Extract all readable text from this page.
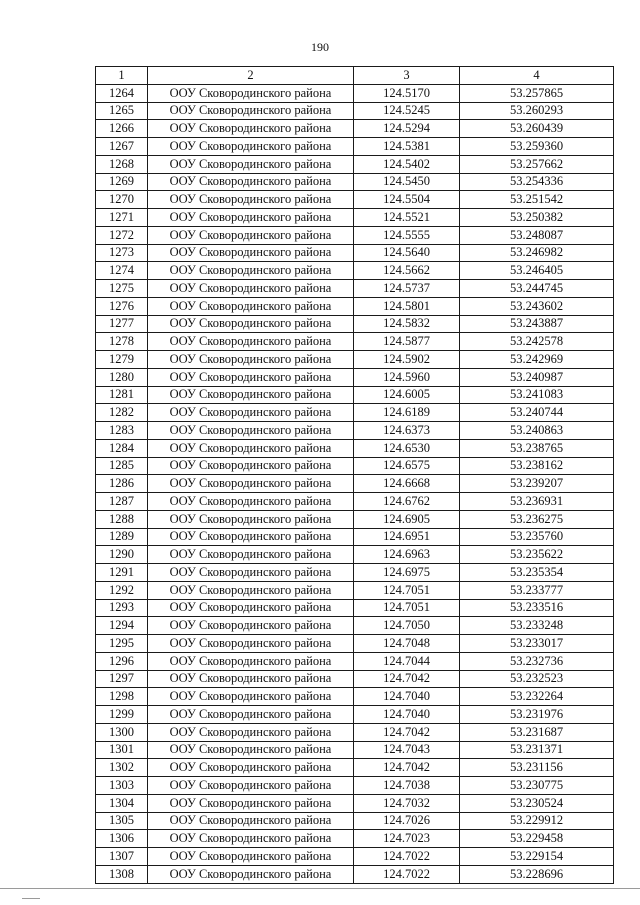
190
1	2	3	4
1264	ООУ Сковородинского района	124.5170	53.257865
1265	ООУ Сковородинского района	124.5245	53.260293
1266	ООУ Сковородинского района	124.5294	53.260439
1267	ООУ Сковородинского района	124.5381	53.259360
1268	ООУ Сковородинского района	124.5402	53.257662
1269	ООУ Сковородинского района	124.5450	53.254336
1270	ООУ Сковородинского района	124.5504	53.251542
1271	ООУ Сковородинского района	124.5521	53.250382
1272	ООУ Сковородинского района	124.5555	53.248087
1273	ООУ Сковородинского района	124.5640	53.246982
1274	ООУ Сковородинского района	124.5662	53.246405
1275	ООУ Сковородинского района	124.5737	53.244745
1276	ООУ Сковородинского района	124.5801	53.243602
1277	ООУ Сковородинского района	124.5832	53.243887
1278	ООУ Сковородинского района	124.5877	53.242578
1279	ООУ Сковородинского района	124.5902	53.242969
1280	ООУ Сковородинского района	124.5960	53.240987
1281	ООУ Сковородинского района	124.6005	53.241083
1282	ООУ Сковородинского района	124.6189	53.240744
1283	ООУ Сковородинского района	124.6373	53.240863
1284	ООУ Сковородинского района	124.6530	53.238765
1285	ООУ Сковородинского района	124.6575	53.238162
1286	ООУ Сковородинского района	124.6668	53.239207
1287	ООУ Сковородинского района	124.6762	53.236931
1288	ООУ Сковородинского района	124.6905	53.236275
1289	ООУ Сковородинского района	124.6951	53.235760
1290	ООУ Сковородинского района	124.6963	53.235622
1291	ООУ Сковородинского района	124.6975	53.235354
1292	ООУ Сковородинского района	124.7051	53.233777
1293	ООУ Сковородинского района	124.7051	53.233516
1294	ООУ Сковородинского района	124.7050	53.233248
1295	ООУ Сковородинского района	124.7048	53.233017
1296	ООУ Сковородинского района	124.7044	53.232736
1297	ООУ Сковородинского района	124.7042	53.232523
1298	ООУ Сковородинского района	124.7040	53.232264
1299	ООУ Сковородинского района	124.7040	53.231976
1300	ООУ Сковородинского района	124.7042	53.231687
1301	ООУ Сковородинского района	124.7043	53.231371
1302	ООУ Сковородинского района	124.7042	53.231156
1303	ООУ Сковородинского района	124.7038	53.230775
1304	ООУ Сковородинского района	124.7032	53.230524
1305	ООУ Сковородинского района	124.7026	53.229912
1306	ООУ Сковородинского района	124.7023	53.229458
1307	ООУ Сковородинского района	124.7022	53.229154
1308	ООУ Сковородинского района	124.7022	53.228696
